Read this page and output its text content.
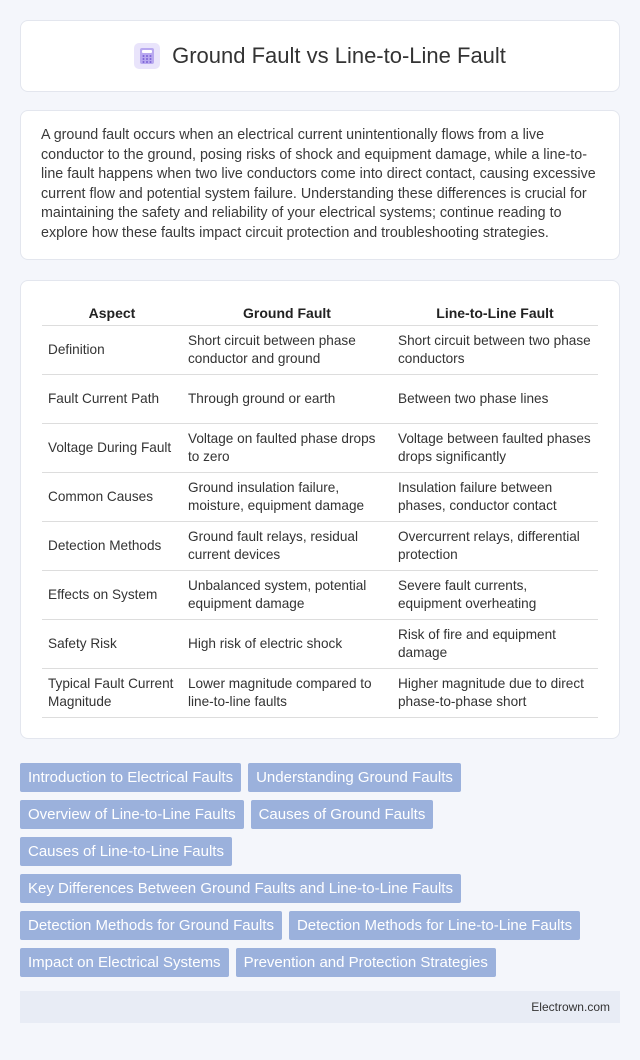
Ground Fault vs Line-to-Line Fault

A ground fault occurs when an electrical current unintentionally flows from a live conductor to the ground, posing risks of shock and equipment damage, while a line-to-line fault happens when two live conductors come into direct contact, causing excessive current flow and potential system failure. Understanding these differences is crucial for maintaining the safety and reliability of your electrical systems; continue reading to explore how these faults impact circuit protection and troubleshooting strategies.

Aspect	Ground Fault	Line-to-Line Fault
Definition	Short circuit between phase conductor and ground	Short circuit between two phase conductors
Fault Current Path	Through ground or earth	Between two phase lines
Voltage During Fault	Voltage on faulted phase drops to zero	Voltage between faulted phases drops significantly
Common Causes	Ground insulation failure, moisture, equipment damage	Insulation failure between phases, conductor contact
Detection Methods	Ground fault relays, residual current devices	Overcurrent relays, differential protection
Effects on System	Unbalanced system, potential equipment damage	Severe fault currents, equipment overheating
Safety Risk	High risk of electric shock	Risk of fire and equipment damage
Typical Fault Current Magnitude	Lower magnitude compared to line-to-line faults	Higher magnitude due to direct phase-to-phase short
Introduction to Electrical Faults	Understanding Ground Faults
Overview of Line-to-Line Faults	Causes of Ground Faults
Causes of Line-to-Line Faults
Key Differences Between Ground Faults and Line-to-Line Faults
Detection Methods for Ground Faults	Detection Methods for Line-to-Line Faults
Impact on Electrical Systems	Prevention and Protection Strategies
Electrown.com
